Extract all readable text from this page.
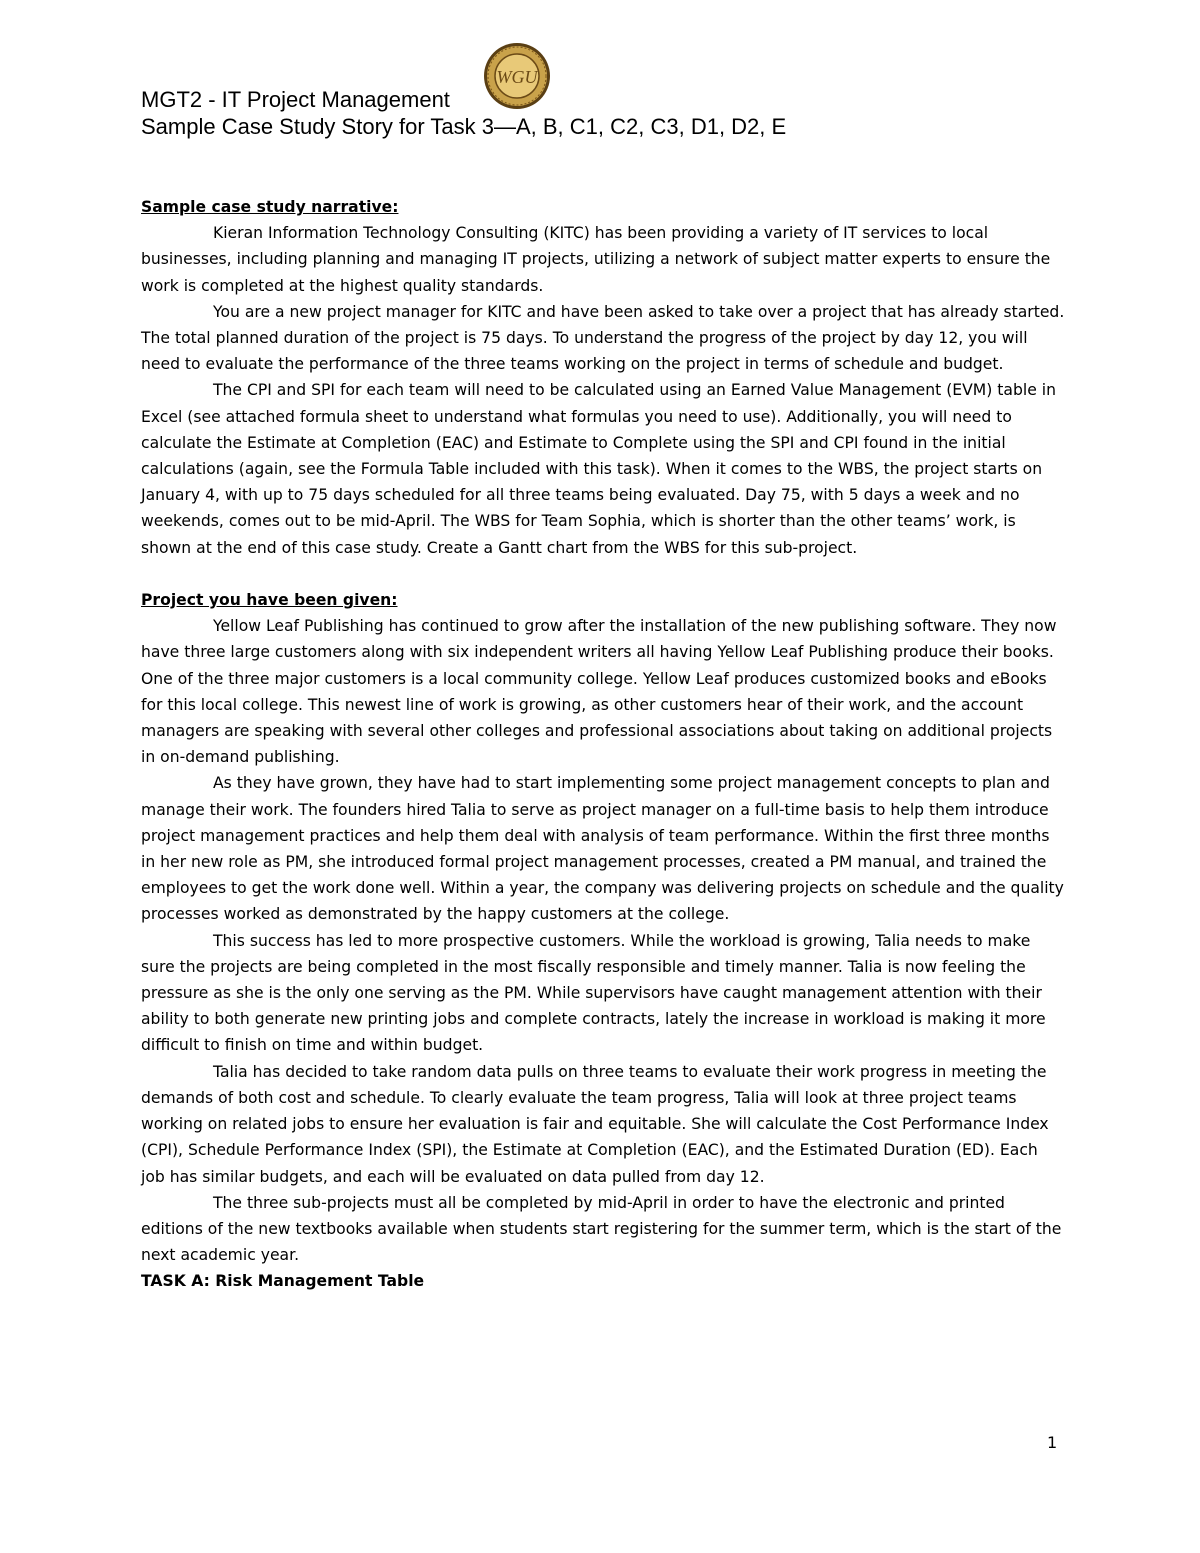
WGU
MGT2 - IT Project Management
Sample Case Study Story for Task 3—A, B, C1, C2, C3, D1, D2, E

Sample case study narrative:

Kieran Information Technology Consulting (KITC) has been providing a variety of IT services to local businesses, including planning and managing IT projects, utilizing a network of subject matter experts to ensure the work is completed at the highest quality standards.

You are a new project manager for KITC and have been asked to take over a project that has already started. The total planned duration of the project is 75 days. To understand the progress of the project by day 12, you will need to evaluate the performance of the three teams working on the project in terms of schedule and budget.

The CPI and SPI for each team will need to be calculated using an Earned Value Management (EVM) table in Excel (see attached formula sheet to understand what formulas you need to use). Additionally, you will need to calculate the Estimate at Completion (EAC) and Estimate to Complete using the SPI and CPI found in the initial calculations (again, see the Formula Table included with this task). When it comes to the WBS, the project starts on January 4, with up to 75 days scheduled for all three teams being evaluated. Day 75, with 5 days a week and no weekends, comes out to be mid-April. The WBS for Team Sophia, which is shorter than the other teams’ work, is shown at the end of this case study. Create a Gantt chart from the WBS for this sub-project.

Project you have been given:

Yellow Leaf Publishing has continued to grow after the installation of the new publishing software. They now have three large customers along with six independent writers all having Yellow Leaf Publishing produce their books. One of the three major customers is a local community college. Yellow Leaf produces customized books and eBooks for this local college. This newest line of work is growing, as other customers hear of their work, and the account managers are speaking with several other colleges and professional associations about taking on additional projects in on-demand publishing.

As they have grown, they have had to start implementing some project management concepts to plan and manage their work. The founders hired Talia to serve as project manager on a full-time basis to help them introduce project management practices and help them deal with analysis of team performance. Within the first three months in her new role as PM, she introduced formal project management processes, created a PM manual, and trained the employees to get the work done well. Within a year, the company was delivering projects on schedule and the quality processes worked as demonstrated by the happy customers at the college.

This success has led to more prospective customers. While the workload is growing, Talia needs to make sure the projects are being completed in the most fiscally responsible and timely manner. Talia is now feeling the pressure as she is the only one serving as the PM. While supervisors have caught management attention with their ability to both generate new printing jobs and complete contracts, lately the increase in workload is making it more difficult to finish on time and within budget.

Talia has decided to take random data pulls on three teams to evaluate their work progress in meeting the demands of both cost and schedule. To clearly evaluate the team progress, Talia will look at three project teams working on related jobs to ensure her evaluation is fair and equitable. She will calculate the Cost Performance Index (CPI), Schedule Performance Index (SPI), the Estimate at Completion (EAC), and the Estimated Duration (ED). Each job has similar budgets, and each will be evaluated on data pulled from day 12.

The three sub-projects must all be completed by mid-April in order to have the electronic and printed editions of the new textbooks available when students start registering for the summer term, which is the start of the next academic year.

TASK A: Risk Management Table

1
